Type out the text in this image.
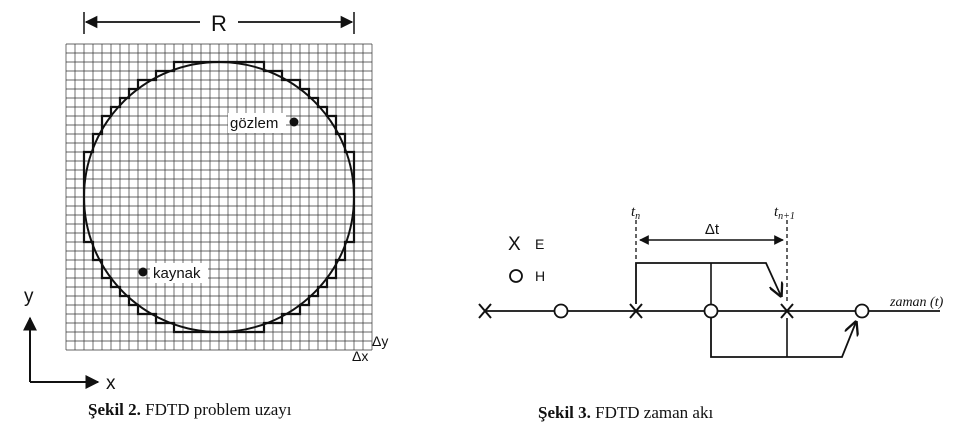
R
gözlem
kaynak
Δy
Δx
y
x
X E
H
zaman (t)
$t_n$	$t_{n+1}$
Δt
Şekil 2. FDTD problem uzayı	Şekil 3. FDTD zaman akı
